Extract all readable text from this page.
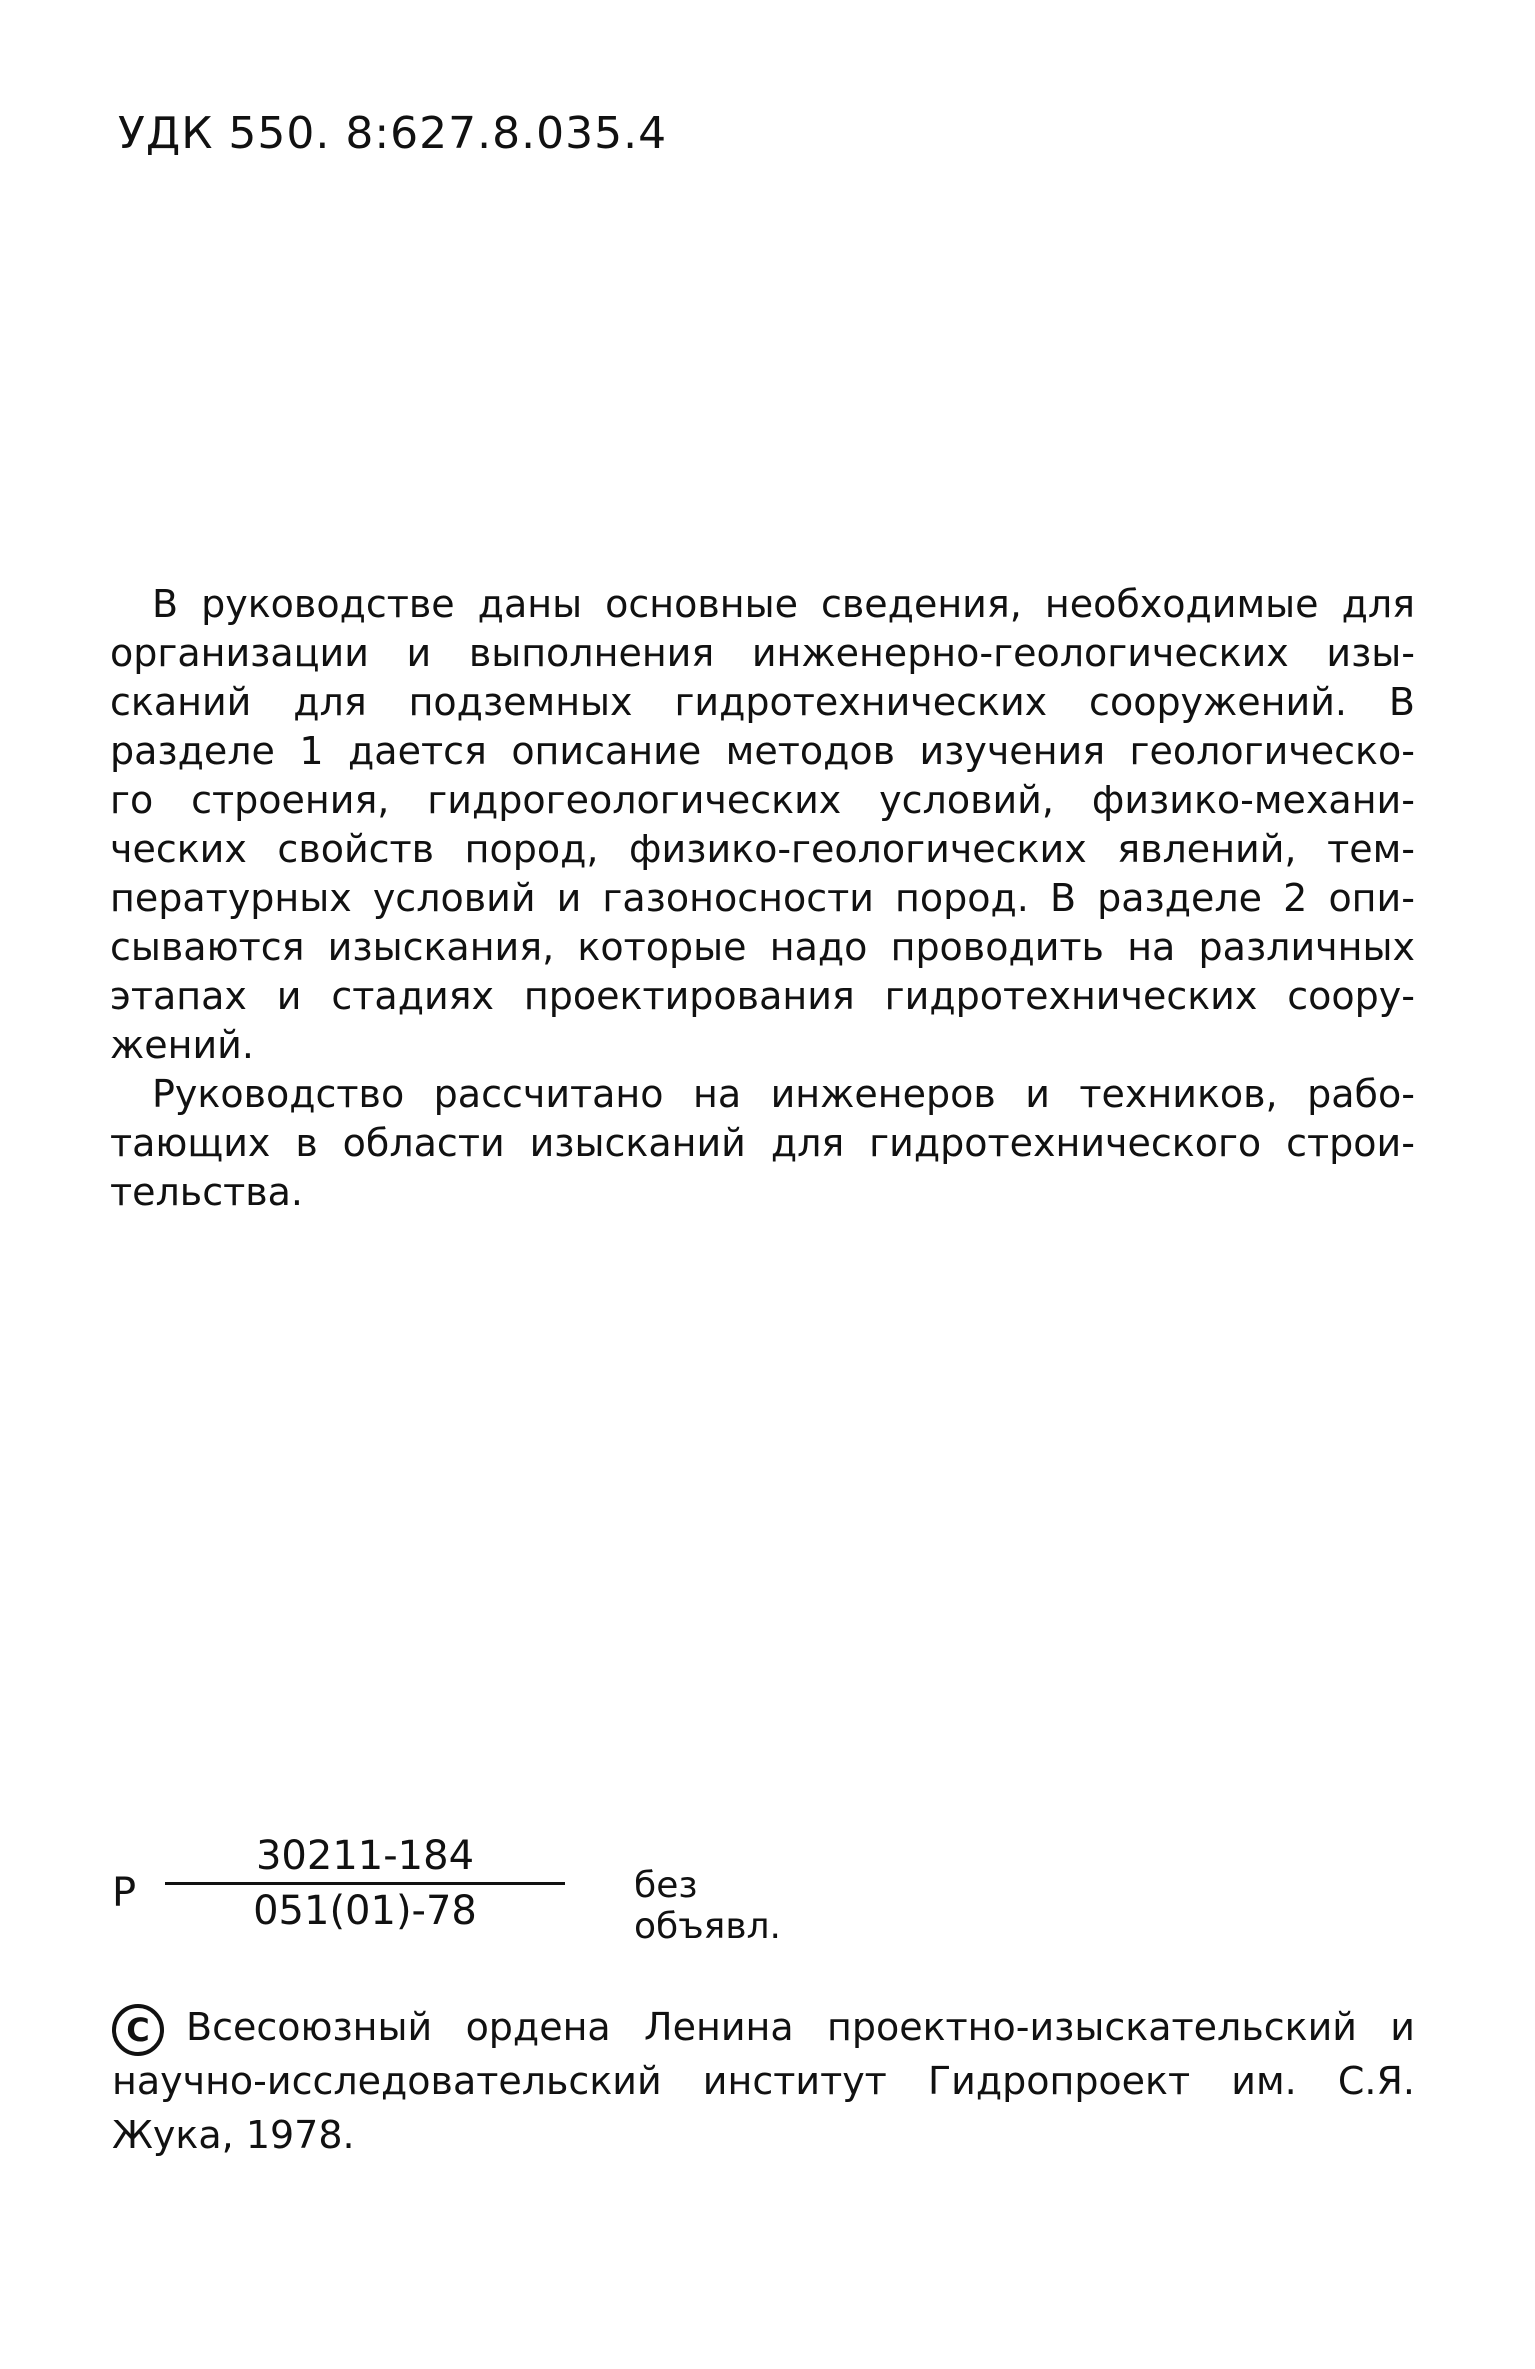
УДК 550. 8:627.8.035.4
В руководстве даны основные сведения, необходимые для
организации и выполнения инженерно-геологических изы-
сканий для подземных гидротехнических сооружений. В
разделе 1 дается описание методов изучения геологическо-
го строения, гидрогеологических условий, физико-механи-
ческих свойств пород, физико-геологических явлений, тем-
пературных условий и газоносности пород. В разделе 2 опи-
сываются изыскания, которые надо проводить на различных
этапах и стадиях проектирования гидротехнических соору-
жений.
Руководство рассчитано на инженеров и техников, рабо-
тающих в области изысканий для гидротехнического строи-
тельства.
Р
30211-184
051(01)-78
без объявл.
С Всесоюзный ордена Ленина проектно-изыскательский и
научно-исследовательский институт Гидропроект им. С.Я.
Жука, 1978.
